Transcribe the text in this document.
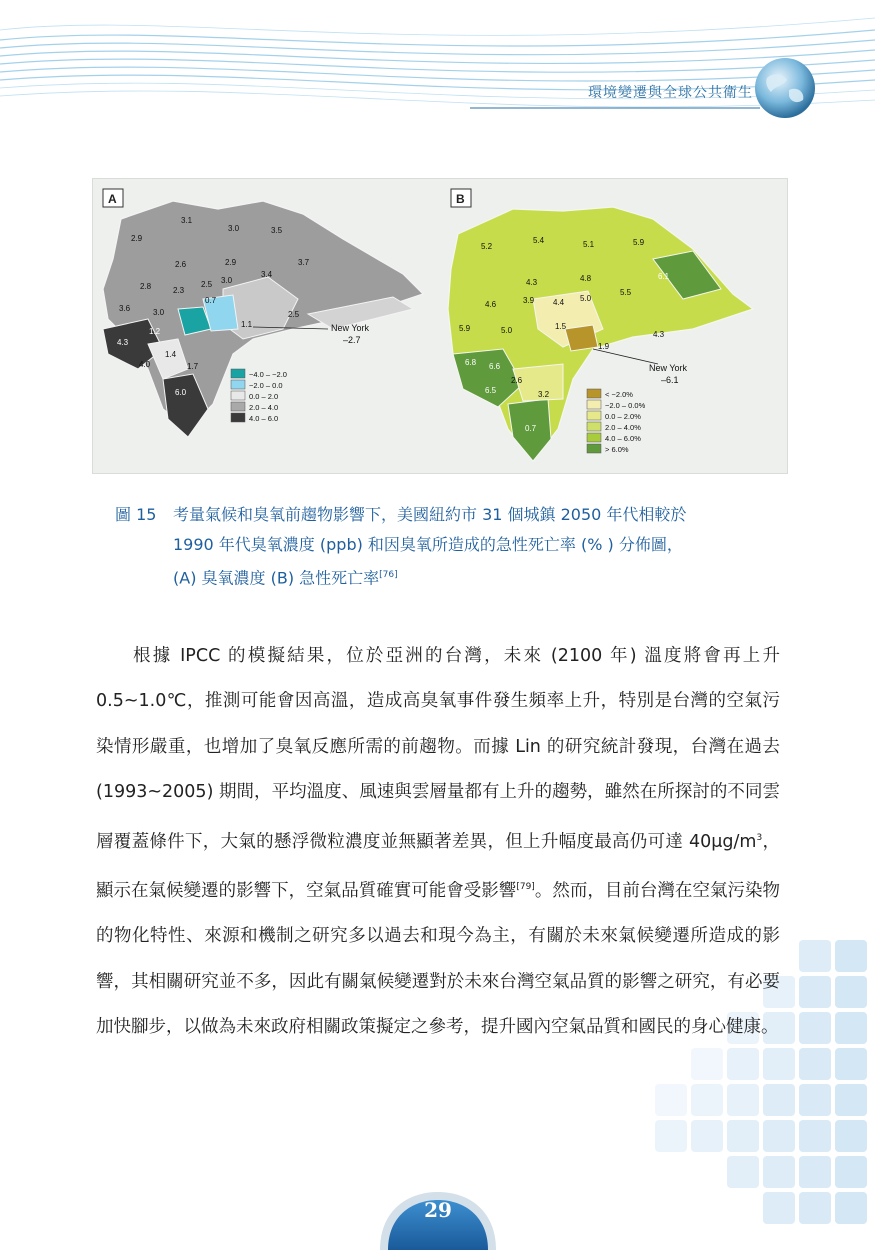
環境變遷與全球公共衛生
A
3.1
2.9
3.0	3.5
2.9
2.6	3.7
3.4
3.0
2.8	2.3
2.5
3.6	3.0	2.5
4.3
1.2
1.4
4.0	1.7
6.0
1.1
0.7
New York
–2.7
−4.0 – −2.0
−2.0 – 0.0
0.0 – 2.0
2.0 – 4.0
4.0 – 6.0
B
5.2
5.4	5.1	5.9
6.1
4.3	4.8
5.5
5.0
4.6	3.9 4.4
5.9	5.0	1.5
4.3
1.9
6.8 6.6
2.6
6.5	3.2
0.7
New York
–6.1
< −2.0%
−2.0 – 0.0%
0.0 – 2.0%
2.0 – 4.0%
4.0 – 6.0%
> 6.0%
圖 15 考量氣候和臭氧前趨物影響下，美國紐約市 31 個城鎮 2050 年代相較於
1990 年代臭氧濃度 (ppb) 和因臭氧所造成的急性死亡率 (% ) 分佈圖，
(A) 臭氧濃度 (B) 急性死亡率[76]

根據 IPCC 的模擬結果，位於亞洲的台灣，未來 (2100 年) 溫度將會再上升 0.5~1.0℃，推測可能會因高溫，造成高臭氧事件發生頻率上升，特別是台灣的空氣污染情形嚴重，也增加了臭氧反應所需的前趨物。而據 Lin 的研究統計發現，台灣在過去 (1993~2005) 期間，平均溫度、風速與雲層量都有上升的趨勢，雖然在所探討的不同雲層覆蓋條件下，大氣的懸浮微粒濃度並無顯著差異，但上升幅度最高仍可達 $40\mu g/m^3$，顯示在氣候變遷的影響下，空氣品質確實可能會受影響[79]。然而，目前台灣在空氣污染物的物化特性、來源和機制之研究多以過去和現今為主，有關於未來氣候變遷所造成的影響，其相關研究並不多，因此有關氣候變遷對於未來台灣空氣品質的影響之研究，有必要加快腳步，以做為未來政府相關政策擬定之參考，提升國內空氣品質和國民的身心健康。

29
